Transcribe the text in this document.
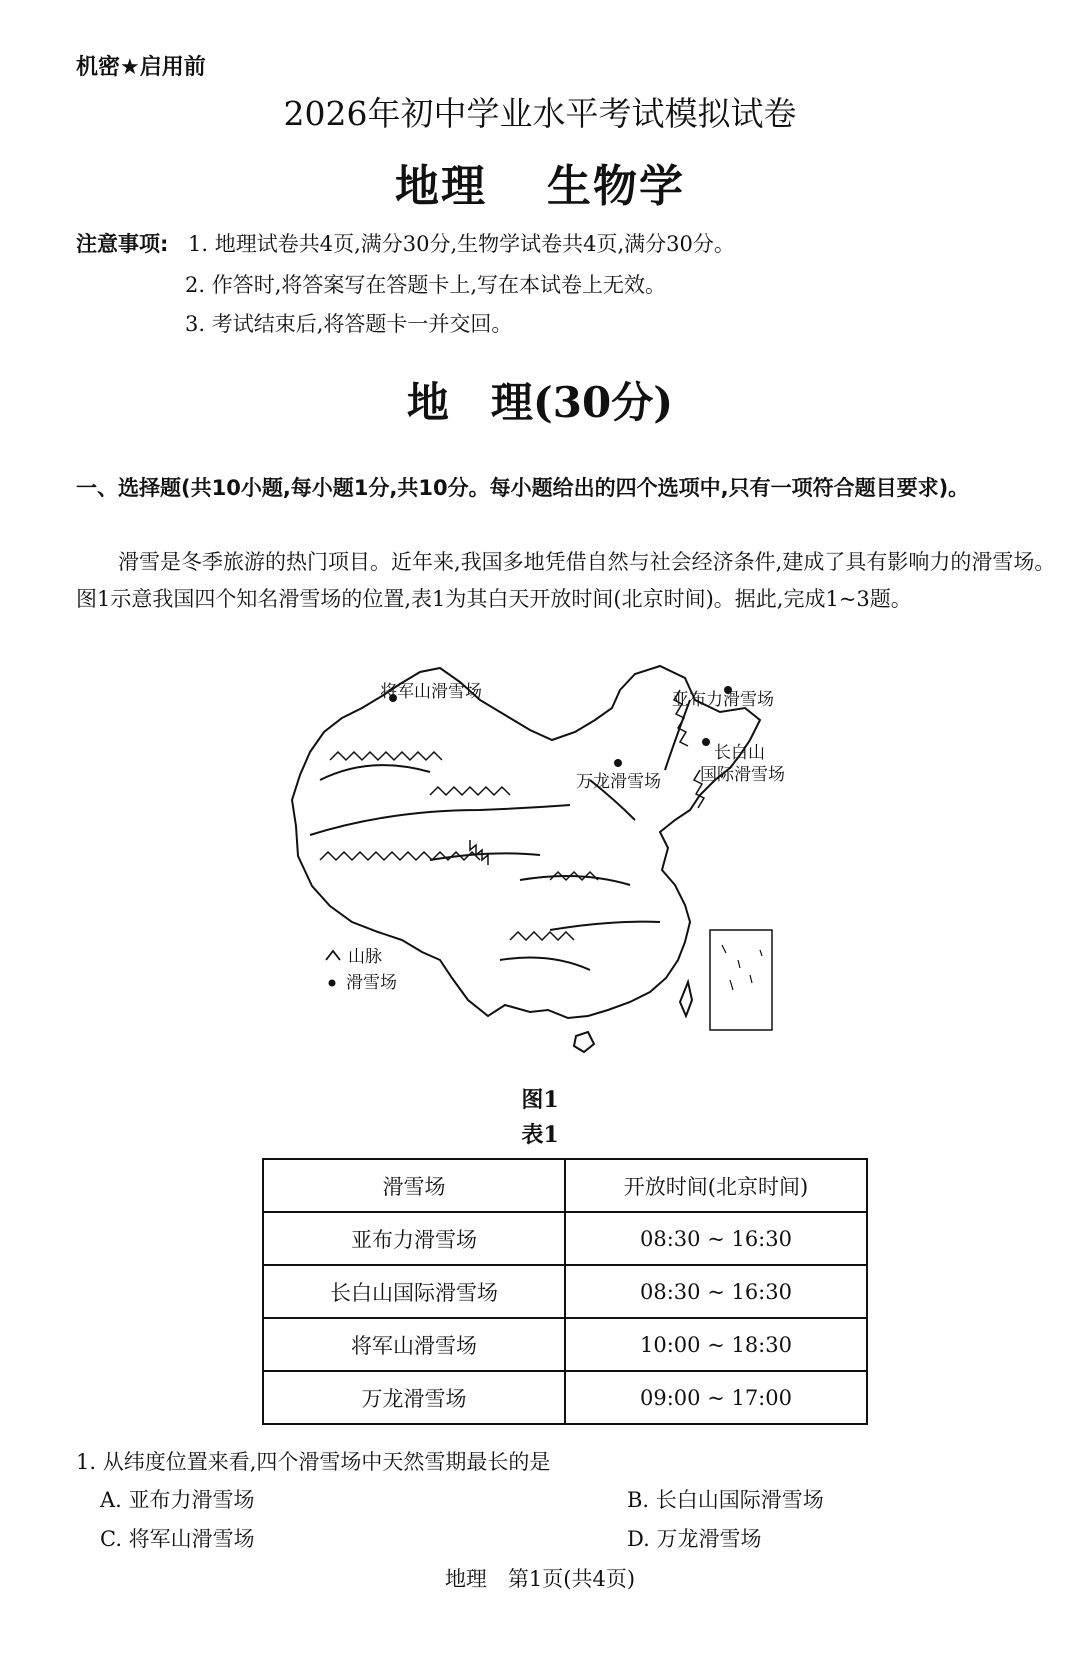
机密★启用前
2026年初中学业水平考试模拟试卷
地理 生物学
注意事项: 1. 地理试卷共4页,满分30分,生物学试卷共4页,满分30分。
2. 作答时,将答案写在答题卡上,写在本试卷上无效。
3. 考试结束后,将答题卡一并交回。
地　理(30分)
一、选择题(共10小题,每小题1分,共10分。每小题给出的四个选项中,只有一项符合题目要求)。
滑雪是冬季旅游的热门项目。近年来,我国多地凭借自然与社会经济条件,建成了具有影响力的滑雪场。图1示意我国四个知名滑雪场的位置,表1为其白天开放时间(北京时间)。据此,完成1~3题。
将军山滑雪场	亚布力滑雪场
长白山
国际滑雪场
万龙滑雪场
山脉
滑雪场
图1
表1
滑雪场	开放时间(北京时间)
亚布力滑雪场	08:30 ~ 16:30
长白山国际滑雪场	08:30 ~ 16:30
将军山滑雪场	10:00 ~ 18:30
万龙滑雪场	09:00 ~ 17:00
1. 从纬度位置来看,四个滑雪场中天然雪期最长的是
A. 亚布力滑雪场	B. 长白山国际滑雪场
C. 将军山滑雪场	D. 万龙滑雪场
地理　第1页(共4页)
